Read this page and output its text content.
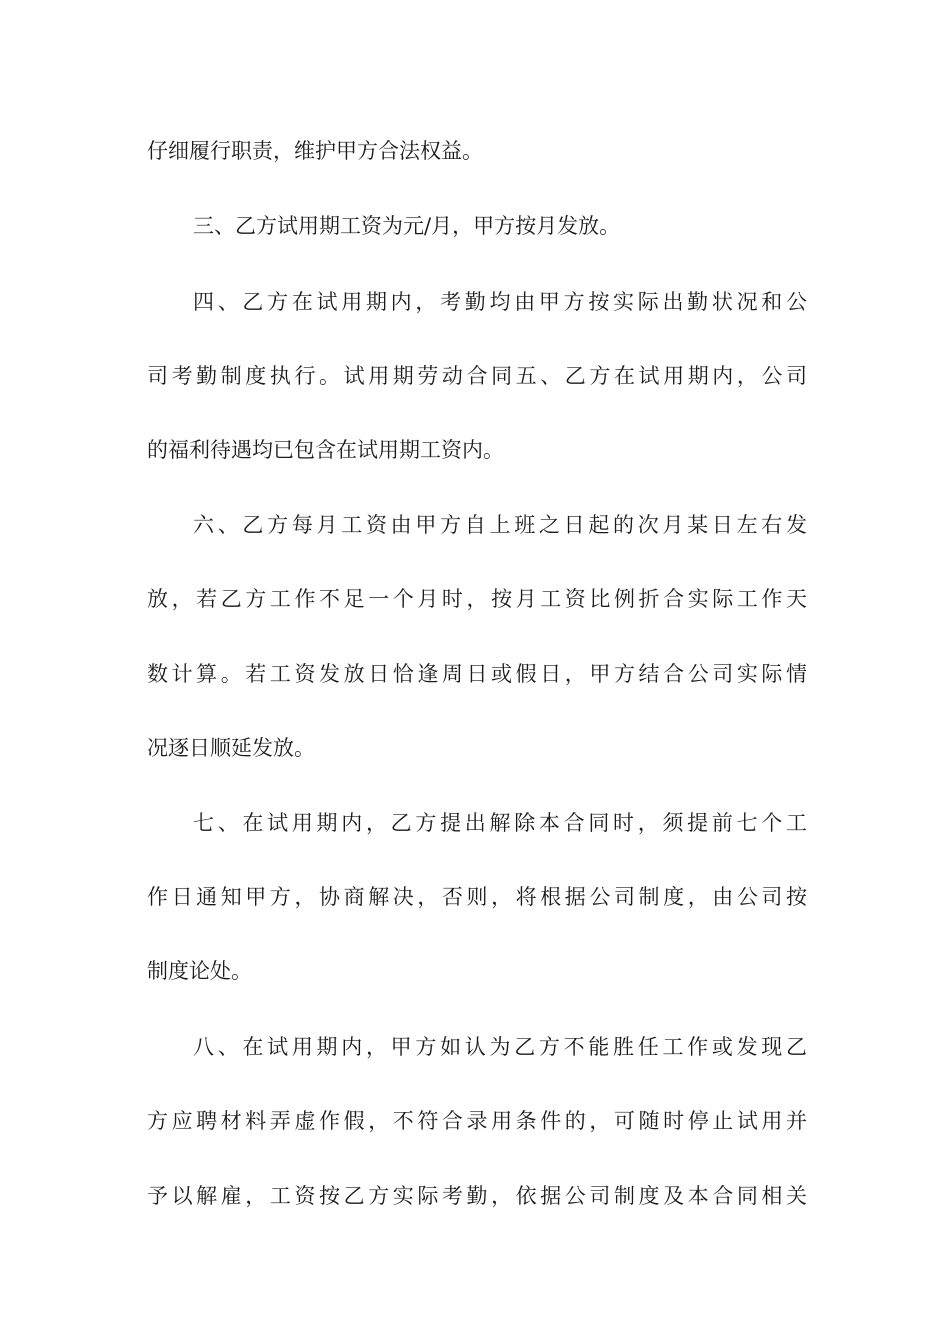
仔细履行职责，维护甲方合法权益。
三、乙方试用期工资为元/月，甲方按月发放。
四、乙方在试用期内，考勤均由甲方按实际出勤状况和公
司考勤制度执行。试用期劳动合同五、乙方在试用期内，公司
的福利待遇均已包含在试用期工资内。
六、乙方每月工资由甲方自上班之日起的次月某日左右发
放，若乙方工作不足一个月时，按月工资比例折合实际工作天
数计算。若工资发放日恰逢周日或假日，甲方结合公司实际情
况逐日顺延发放。
七、在试用期内，乙方提出解除本合同时，须提前七个工
作日通知甲方，协商解决，否则，将根据公司制度，由公司按
制度论处。
八、在试用期内，甲方如认为乙方不能胜任工作或发现乙
方应聘材料弄虚作假，不符合录用条件的，可随时停止试用并
予以解雇，工资按乙方实际考勤，依据公司制度及本合同相关
